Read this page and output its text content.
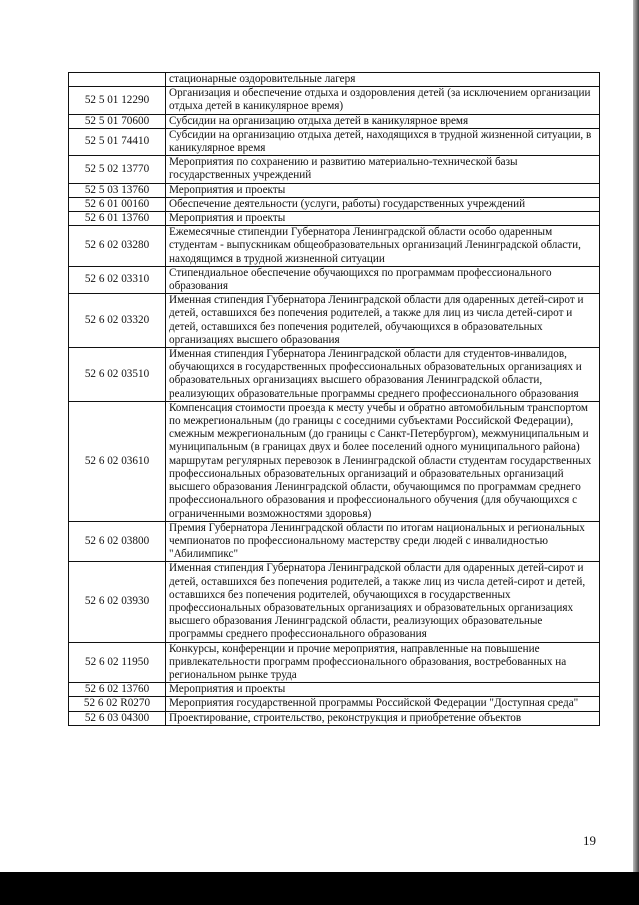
	стационарные оздоровительные лагеря
52 5 01 12290	Организация и обеспечение отдыха и оздоровления детей (за исключением организации отдыха детей в каникулярное время)
52 5 01 70600	Субсидии на организацию отдыха детей в каникулярное время
52 5 01 74410	Субсидии на организацию отдыха детей, находящихся в трудной жизненной ситуации, в каникулярное время
52 5 02 13770	Мероприятия по сохранению и развитию материально-технической базы государственных учреждений
52 5 03 13760	Мероприятия и проекты
52 6 01 00160	Обеспечение деятельности (услуги, работы) государственных учреждений
52 6 01 13760	Мероприятия и проекты
52 6 02 03280	Ежемесячные стипендии Губернатора Ленинградской области особо одаренным студентам - выпускникам общеобразовательных организаций Ленинградской области, находящимся в трудной жизненной ситуации
52 6 02 03310	Стипендиальное обеспечение обучающихся по программам профессионального образования
52 6 02 03320	Именная стипендия Губернатора Ленинградской области для одаренных детей-сирот и детей, оставшихся без попечения родителей, а также для лиц из числа детей-сирот и детей, оставшихся без попечения родителей, обучающихся в образовательных организациях высшего образования
52 6 02 03510	Именная стипендия Губернатора Ленинградской области для студентов-инвалидов, обучающихся в государственных профессиональных образовательных организациях и образовательных организациях высшего образования Ленинградской области, реализующих образовательные программы среднего профессионального образования
52 6 02 03610	Компенсация стоимости проезда к месту учебы и обратно автомобильным транспортом по межрегиональным (до границы с соседними субъектами Российской Федерации), смежным межрегиональным (до границы с Санкт-Петербургом), межмуниципальным и муниципальным (в границах двух и более поселений одного муниципального района) маршрутам регулярных перевозок в Ленинградской области студентам государственных профессиональных образовательных организаций и образовательных организаций высшего образования Ленинградской области, обучающимся по программам среднего профессионального образования и профессионального обучения (для обучающихся с ограниченными возможностями здоровья)
52 6 02 03800	Премия Губернатора Ленинградской области по итогам национальных и региональных чемпионатов по профессиональному мастерству среди людей с инвалидностью "Абилимпикс"
52 6 02 03930	Именная стипендия Губернатора Ленинградской области для одаренных детей-сирот и детей, оставшихся без попечения родителей, а также лиц из числа детей-сирот и детей, оставшихся без попечения родителей, обучающихся в государственных профессиональных образовательных организациях и образовательных организациях высшего образования Ленинградской области, реализующих образовательные программы среднего профессионального образования
52 6 02 11950	Конкурсы, конференции и прочие мероприятия, направленные на повышение привлекательности программ профессионального образования, востребованных на региональном рынке труда
52 6 02 13760	Мероприятия и проекты
52 6 02 R0270	Мероприятия государственной программы Российской Федерации "Доступная среда"
52 6 03 04300	Проектирование, строительство, реконструкция и приобретение объектов
19
